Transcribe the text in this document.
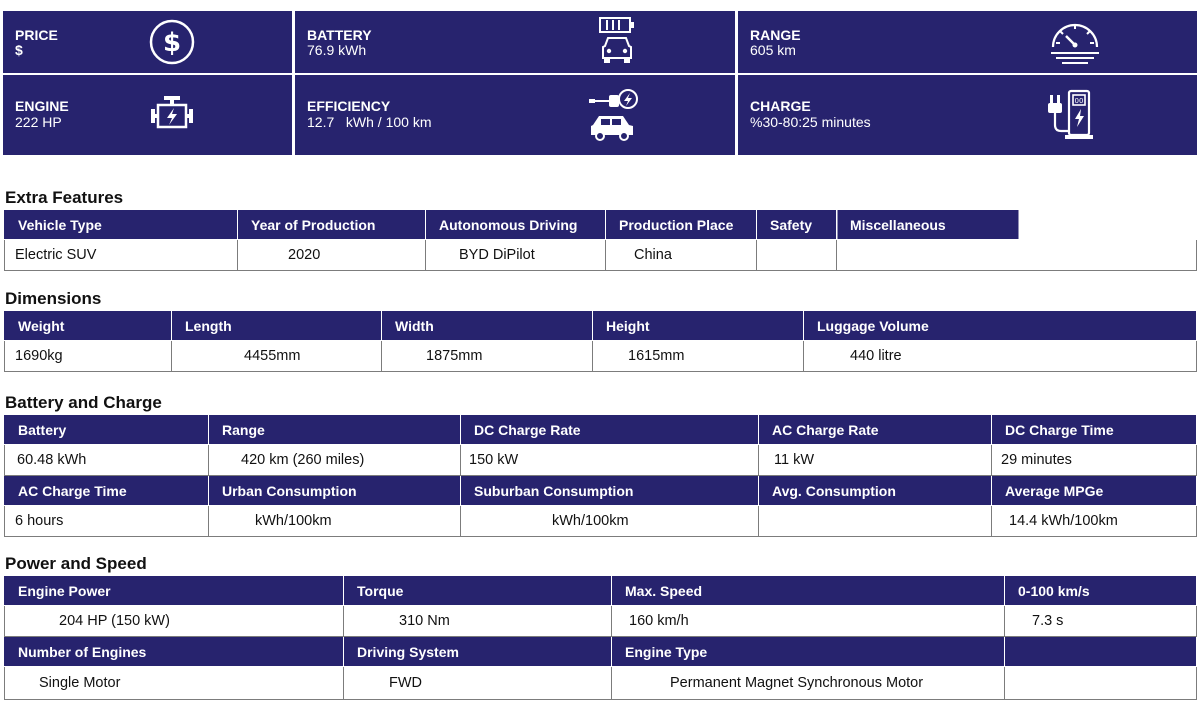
PRICE
$	$	BATTERY
76.9 kWh
RANGE
605 km
ENGINE
222 HP
EFFICIENCY
12.7   kWh / 100 km
CHARGE
%30-80:25 minutes
00
Extra Features
Vehicle Type	Year of Production	Autonomous Driving	Production Place	Safety	Miscellaneous
Electric SUV	2020	BYD DiPilot	China		
Dimensions
Weight	Length	Width	Height	Luggage Volume
1690kg	4455mm	1875mm	1615mm	440 litre
Battery and Charge
Battery	Range	DC Charge Rate	AC Charge Rate	DC Charge Time
60.48 kWh	420 km (260 miles)	150 kW	11 kW	29 minutes
AC Charge Time	Urban Consumption	Suburban Consumption	Avg. Consumption	Average MPGe
6 hours	kWh/100km	kWh/100km		14.4 kWh/100km
Power and Speed
Engine Power	Torque	Max. Speed	0-100 km/s
204 HP (150 kW)	310 Nm	160 km/h	7.3 s
Number of Engines	Driving System	Engine Type	
Single Motor	FWD	Permanent Magnet Synchronous Motor	
